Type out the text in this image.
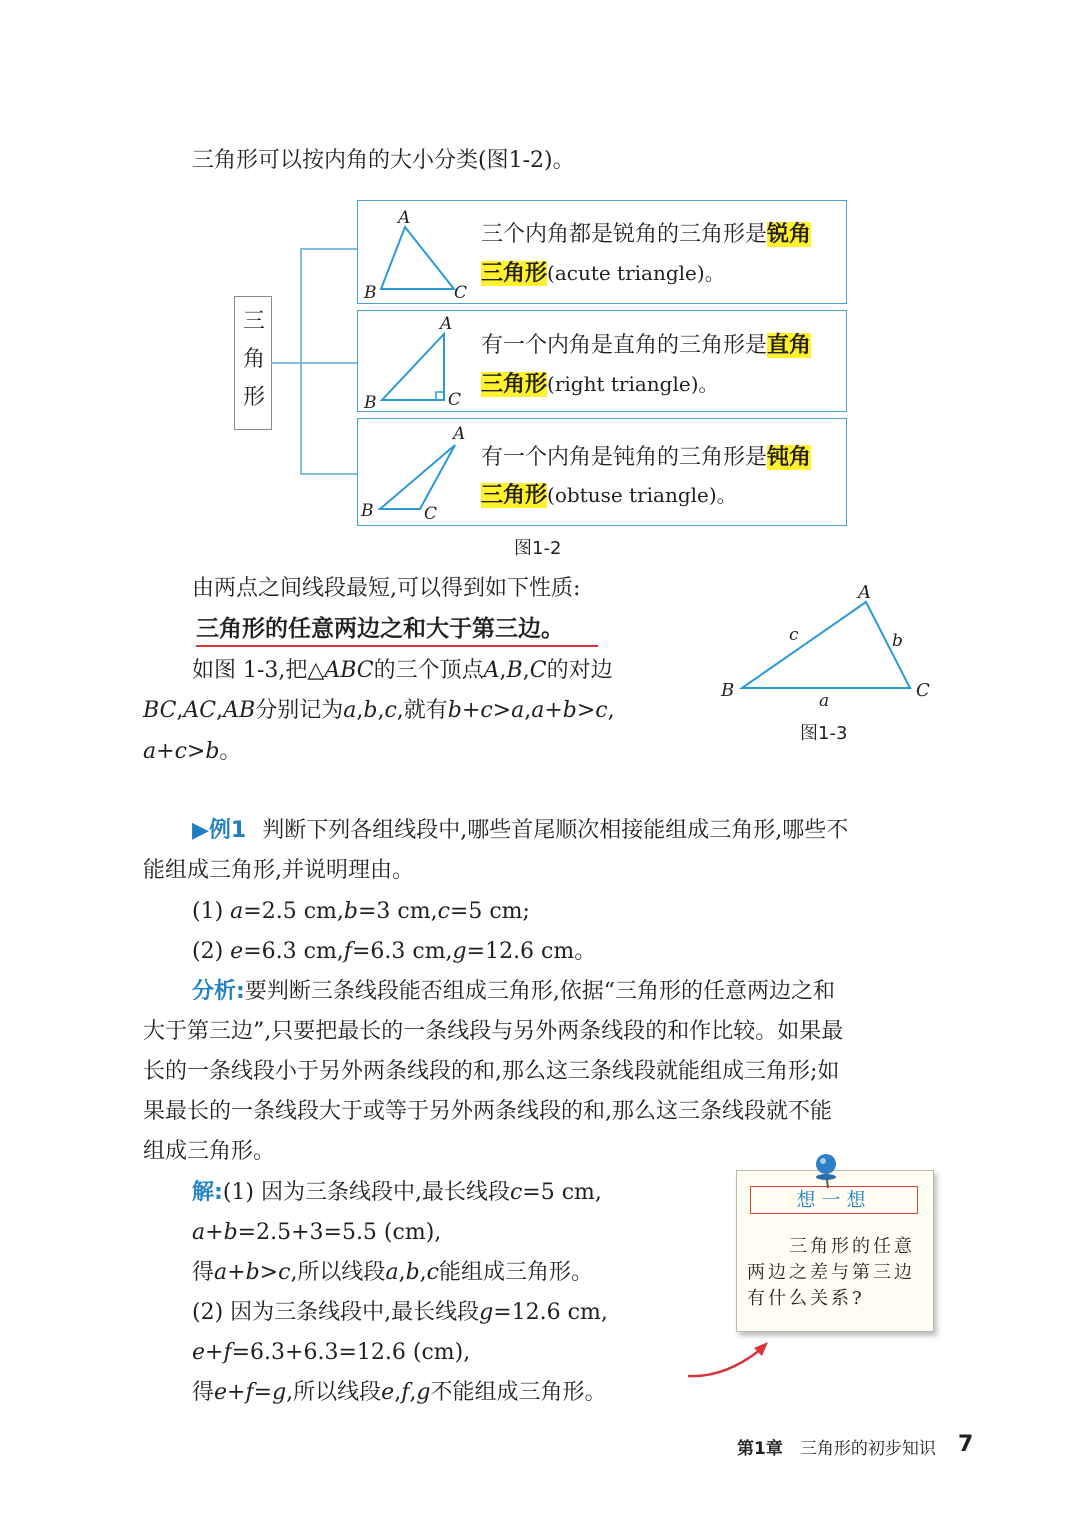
三角形可以按内角的大小分类(图1-2)。
三
角
形
A
B	C
三个内角都是锐角的三角形是锐角
三角形(acute triangle)。
A
B	C
有一个内角是直角的三角形是直角
三角形(right triangle)。
A
B	C
有一个内角是钝角的三角形是钝角
三角形(obtuse triangle)。
图1-2
由两点之间线段最短,可以得到如下性质:
三角形的任意两边之和大于第三边。
如图 1-3,把△ABC的三个顶点A,B,C的对边
BC,AC,AB分别记为a,b,c,就有b+c>a,a+b>c,
a+c>b。
A
B	C
a
b
c
图1-3
▶例1 判断下列各组线段中,哪些首尾顺次相接能组成三角形,哪些不
能组成三角形,并说明理由。
(1) a=2.5 cm,b=3 cm,c=5 cm;
(2) e=6.3 cm,f=6.3 cm,g=12.6 cm。
分析:要判断三条线段能否组成三角形,依据“三角形的任意两边之和
大于第三边”,只要把最长的一条线段与另外两条线段的和作比较。如果最
长的一条线段小于另外两条线段的和,那么这三条线段就能组成三角形;如
果最长的一条线段大于或等于另外两条线段的和,那么这三条线段就不能
组成三角形。
解:(1) 因为三条线段中,最长线段c=5 cm,
a+b=2.5+3=5.5 (cm),
得a+b>c,所以线段a,b,c能组成三角形。
(2) 因为三条线段中,最长线段g=12.6 cm,
e+f=6.3+6.3=12.6 (cm),
得e+f=g,所以线段e,f,g不能组成三角形。
想一想
三角形的任意
两边之差与第三边
有什么关系?
第1章 三角形的初步知识 7
